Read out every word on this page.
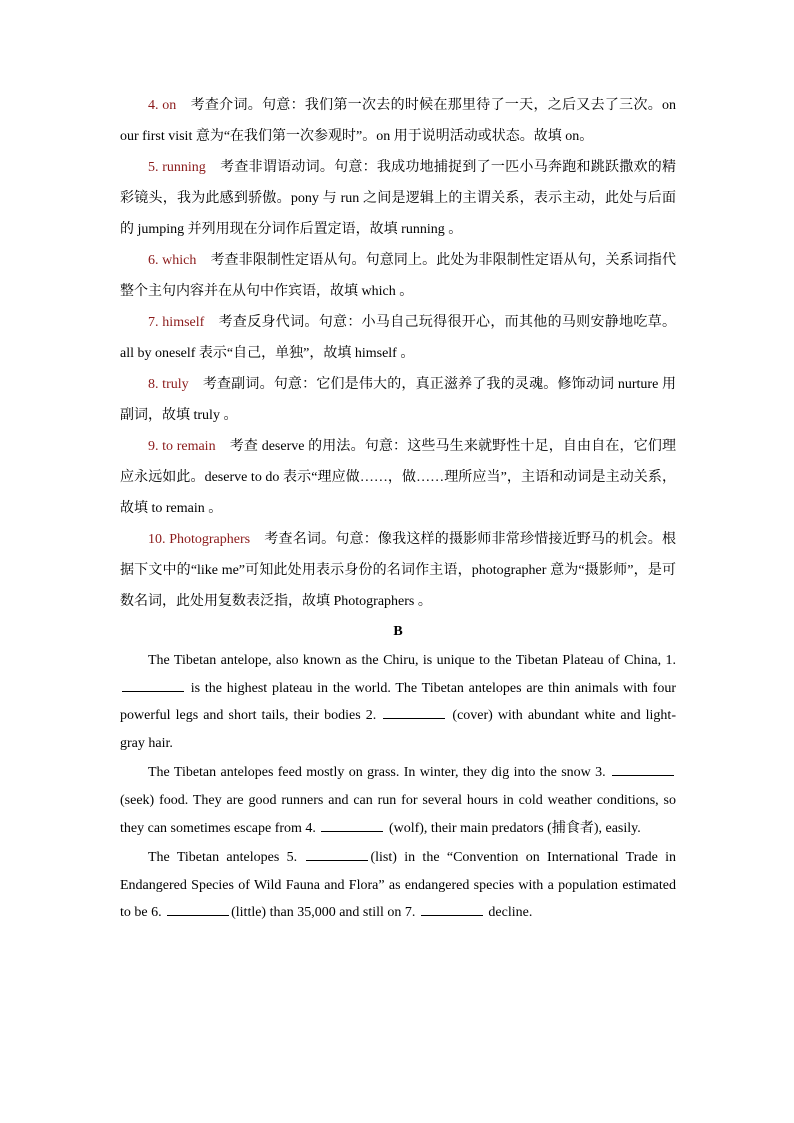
4. on 考查介词。句意：我们第一次去的时候在那里待了一天，之后又去了三次。on our first visit 意为“在我们第一次参观时”。on 用于说明活动或状态。故填 on。

5. running 考查非谓语动词。句意：我成功地捕捉到了一匹小马奔跑和跳跃撒欢的精彩镜头，我为此感到骄傲。pony 与 run 之间是逻辑上的主谓关系，表示主动，此处与后面的 jumping 并列用现在分词作后置定语，故填 running 。

6. which 考查非限制性定语从句。句意同上。此处为非限制性定语从句，关系词指代整个主句内容并在从句中作宾语，故填 which 。

7. himself 考查反身代词。句意：小马自己玩得很开心，而其他的马则安静地吃草。all by oneself 表示“自己，单独”，故填 himself 。

8. truly 考查副词。句意：它们是伟大的，真正滋养了我的灵魂。修饰动词 nurture 用副词，故填 truly 。

9. to remain 考查 deserve 的用法。句意：这些马生来就野性十足，自由自在，它们理应永远如此。deserve to do 表示“理应做……，做……理所应当”，主语和动词是主动关系，故填 to remain 。

10. Photographers 考查名词。句意：像我这样的摄影师非常珍惜接近野马的机会。根据下文中的“like me”可知此处用表示身份的名词作主语，photographer 意为“摄影师”，是可数名词，此处用复数表泛指，故填 Photographers 。

B

The Tibetan antelope, also known as the Chiru, is unique to the Tibetan Plateau of China, 1.  is the highest plateau in the world. The Tibetan antelopes are thin animals with four powerful legs and short tails, their bodies 2.	(cover) with abundant white and light-gray hair.

The Tibetan antelopes feed mostly on grass. In winter, they dig into the snow 3.  (seek) food. They are good runners and can run for several hours in cold weather conditions, so they can sometimes escape from 4.	(wolf), their main predators (捕食者), easily.

The Tibetan antelopes 5.	(list) in the “Convention on International Trade in Endangered Species of Wild Fauna and Flora” as endangered species with a population estimated to be 6.	(little) than 35,000 and still on 7.	decline.
